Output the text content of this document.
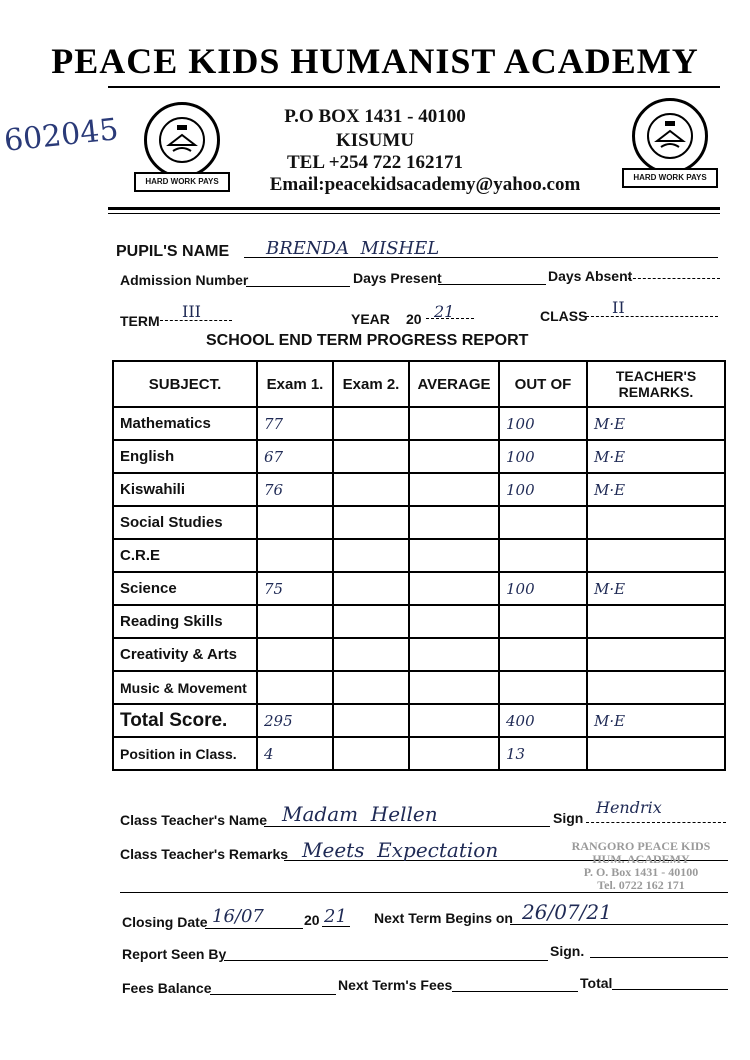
602045
PEACE KIDS HUMANIST ACADEMY
HARD WORK PAYS	HARD WORK PAYS
P.O BOX 1431 - 40100
KISUMU
TEL +254 722 162171
Email:peacekidsacademy@yahoo.com
PUPIL'S NAME BRENDA  MISHEL
Admission Number	Days Present	Days Absent
TERM III	YEAR 20 21	CLASS II
SCHOOL END TERM PROGRESS REPORT
SUBJECT.	Exam 1.	Exam 2.	AVERAGE	OUT OF	TEACHER'S REMARKS.
Mathematics	77			100	M·E
English	67			100	M·E
Kiswahili	76			100	M·E
Social Studies					
C.R.E					
Science	75			100	M·E
Reading Skills					
Creativity & Arts					
Music & Movement					
Total Score.	295			400	M·E
Position in Class.	4			13	
Class Teacher's Name Madam  Hellen	Sign
Hendrix
Class Teacher's Remarks Meets  Expectation	RANGORO PEACE KIDS
HUM. ACADEMY
P. O. Box 1431 - 40100
Tel. 0722 162 171
Closing Date 16/07	20 21 Next Term Begins on 26/07/21
Report Seen By	Sign.
Fees Balance	Next Term's Fees	Total
